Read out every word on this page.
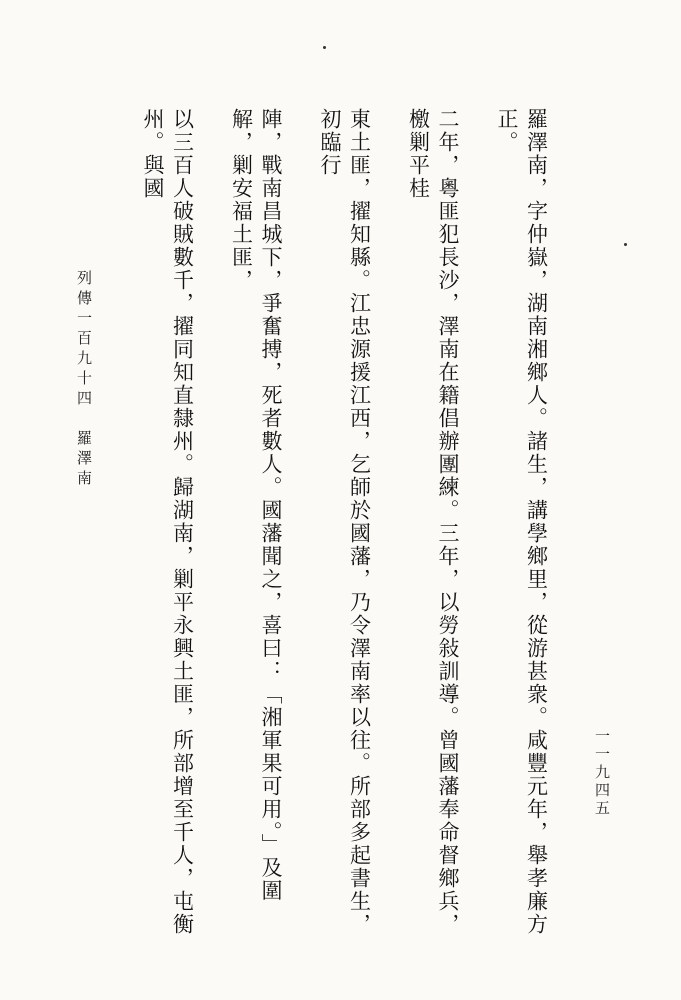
羅澤南，字仲嶽，湖南湘鄉人。諸生，講學鄉里，從游甚衆。咸豐元年，舉孝廉方正。

二年，粵匪犯長沙，澤南在籍倡辦團練。三年，以勞敍訓導。曾國藩奉命督鄉兵，檄剿平桂

東土匪，擢知縣。江忠源援江西，乞師於國藩，乃令澤南率以往。所部多起書生，初臨行

陣，戰南昌城下，爭奮搏，死者數人。國藩聞之，喜曰：「湘軍果可用。」及圍解，剿安福土匪，

以三百人破賊數千，擢同知直隸州。歸湖南，剿平永興土匪，所部增至千人，屯衡州。與國

列傳一百九十四羅澤南
一一九四五
